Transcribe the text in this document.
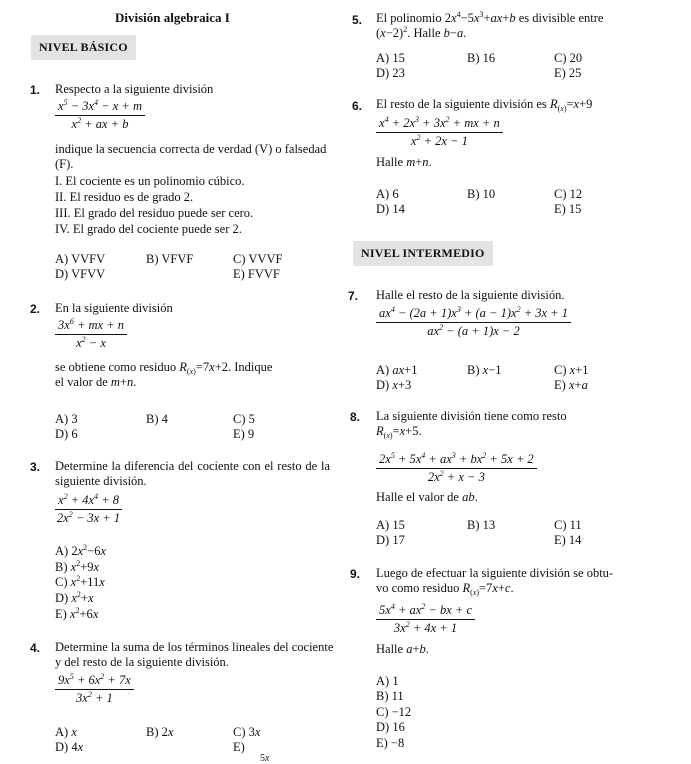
División algebraica I
NIVEL BÁSICO
1. Respecto a la siguiente división
$\frac{x^5 - 3x^4 - x + m}{x^2 + ax + b}$
indique la secuencia correcta de verdad (V) o falsedad (F).
I. El cociente es un polinomio cúbico.
II. El residuo es de grado 2.
III. El grado del residuo puede ser cero.
IV. El grado del cociente puede ser 2.
A) VVFV	B) VFVF	C) VVVF
D) VFVV	E) FVVF
2. En la siguiente división
$\frac{3x^6 + mx + n}{x^2 - x}$
se obtiene como residuo $R_{(x)}=7x+2$. Indique
el valor de m+n.
A) 3	B) 4	C) 5
D) 6	E) 9
3. Determine la diferencia del cociente con el resto de la siguiente división.
$\frac{x^2 + 4x^4 + 8}{2x^2 - 3x + 1}$
A) $2x^2-6x$
B) $x^2+9x$
C) $x^2+11x$
D) $x^2+x$
E) $x^2+6x$
4. Determine la suma de los términos lineales del cociente y del resto de la siguiente división.
$\frac{9x^5 + 6x^2 + 7x}{3x^2 + 1}$
A) x	B) 2x	C) 3x
D) 4x	E) $_{5x}$
5. El polinomio $2x^4-5x^3+ax+b$ es divisible entre
$(x-2)^2$. Halle b−a.
A) 15	B) 16	C) 20
D) 23	E) 25
6. El resto de la siguiente división es $R_{(x)}=x+9$
$\frac{x^4 + 2x^3 + 3x^2 + mx + n}{x^2 + 2x - 1}$
Halle m+n.
A) 6	B) 10	C) 12
D) 14	E) 15
NIVEL INTERMEDIO
7. Halle el resto de la siguiente división.
$\frac{ax^4 - (2a + 1)x^3 + (a - 1)x^2 + 3x + 1}{ax^2 - (a + 1)x - 2}$
A) ax+1	B) x−1	C) x+1
D) x+3	E) x+a
8. La siguiente división tiene como resto
$R_{(x)}=x+5$.
$\frac{2x^5 + 5x^4 + ax^3 + bx^2 + 5x + 2}{2x^2 + x - 3}$
Halle el valor de ab.
A) 15	B) 13	C) 11
D) 17	E) 14
9. Luego de efectuar la siguiente división se obtu-
vo como residuo $R_{(x)}=7x+c$.
$\frac{5x^4 + ax^2 - bx + c}{3x^2 + 4x + 1}$
Halle a+b.
A) 1
B) 11
C) −12
D) 16
E) −8
